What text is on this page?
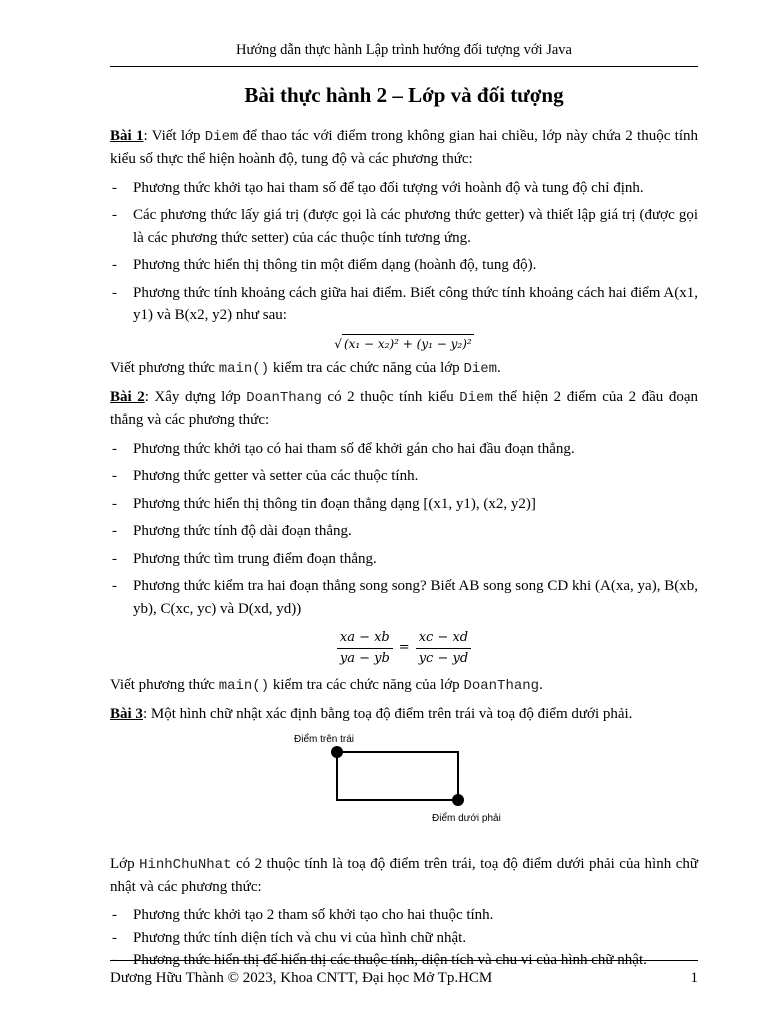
Hướng dẫn thực hành Lập trình hướng đối tượng với Java
Bài thực hành 2 – Lớp và đối tượng

Bài 1: Viết lớp Diem để thao tác với điểm trong không gian hai chiều, lớp này chứa 2 thuộc tính kiểu số thực thể hiện hoành độ, tung độ và các phương thức:

- Phương thức khởi tạo hai tham số để tạo đối tượng với hoành độ và tung độ chỉ định.
- Các phương thức lấy giá trị (được gọi là các phương thức getter) và thiết lập giá trị (được gọi là các phương thức setter) của các thuộc tính tương ứng.
- Phương thức hiển thị thông tin một điểm dạng (hoành độ, tung độ).
- Phương thức tính khoảng cách giữa hai điểm. Biết công thức tính khoảng cách hai điểm A(x1, y1) và B(x2, y2) như sau:
√ (x₁ − x₂)² + (y₁ − y₂)²

Viết phương thức main() kiểm tra các chức năng của lớp Diem.

Bài 2: Xây dựng lớp DoanThang có 2 thuộc tính kiểu Diem thể hiện 2 điểm của 2 đầu đoạn thẳng và các phương thức:

- Phương thức khởi tạo có hai tham số để khởi gán cho hai đầu đoạn thẳng.
- Phương thức getter và setter của các thuộc tính.
- Phương thức hiển thị thông tin đoạn thẳng dạng [(x1, y1), (x2, y2)]
- Phương thức tính độ dài đoạn thẳng.
- Phương thức tìm trung điểm đoạn thẳng.
- Phương thức kiểm tra hai đoạn thẳng song song? Biết AB song song CD khi (A(xa, ya), B(xb, yb), C(xc, yc) và D(xd, yd))
$\frac{xa - xb}{ya - yb} = \frac{xc - xd}{yc - yd}$

Viết phương thức main() kiểm tra các chức năng của lớp DoanThang.

Bài 3: Một hình chữ nhật xác định bằng toạ độ điểm trên trái và toạ độ điểm dưới phải.

Điểm trên trái
Điểm dưới phải

Lớp HinhChuNhat có 2 thuộc tính là toạ độ điểm trên trái, toạ độ điểm dưới phải của hình chữ nhật và các phương thức:

- Phương thức khởi tạo 2 tham số khởi tạo cho hai thuộc tính.
- Phương thức tính diện tích và chu vi của hình chữ nhật.
- Phương thức hiển thị để hiển thị các thuộc tính, diện tích và chu vi của hình chữ nhật.
Dương Hữu Thành © 2023, Khoa CNTT, Đại học Mở Tp.HCM	1
